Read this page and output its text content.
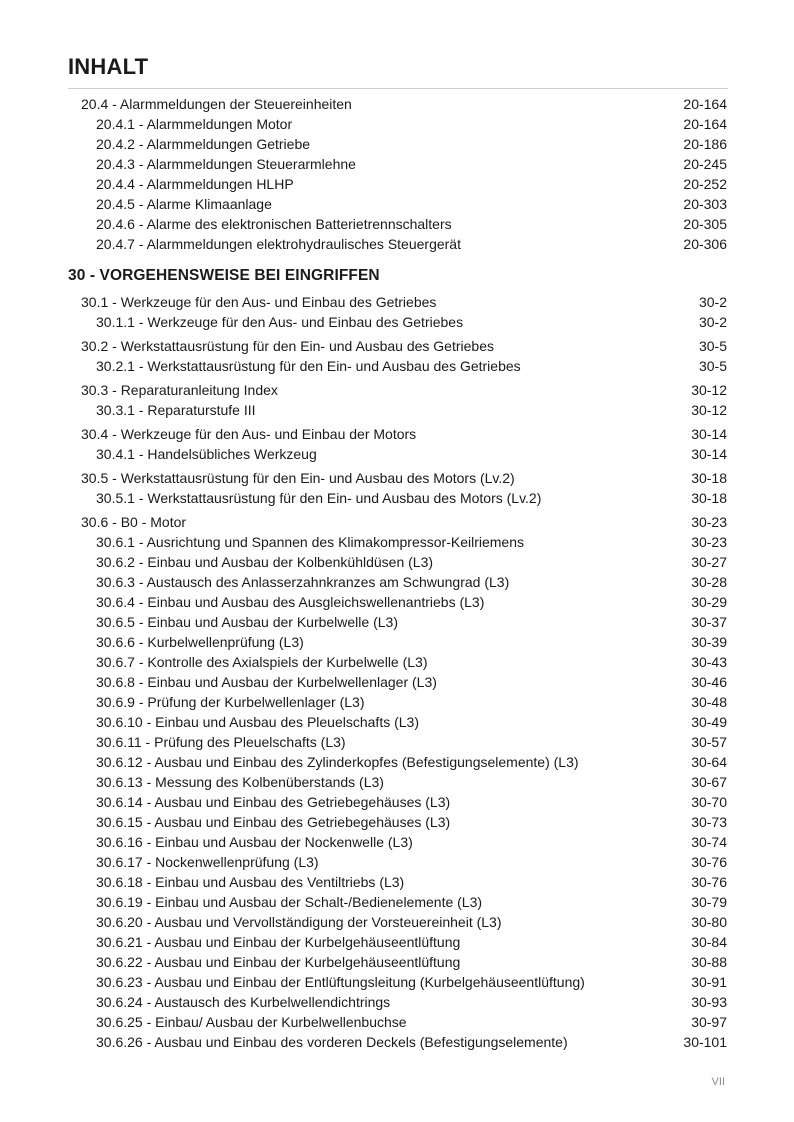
INHALT
20.4 - Alarmmeldungen der Steuereinheiten	20-164
20.4.1 - Alarmmeldungen Motor	20-164
20.4.2 - Alarmmeldungen Getriebe	20-186
20.4.3 - Alarmmeldungen Steuerarmlehne	20-245
20.4.4 - Alarmmeldungen HLHP	20-252
20.4.5 - Alarme Klimaanlage	20-303
20.4.6 - Alarme des elektronischen Batterietrennschalters	20-305
20.4.7 - Alarmmeldungen elektrohydraulisches Steuergerät	20-306
30.1 - Werkzeuge für den Aus- und Einbau des Getriebes	30-2
30.1.1 - Werkzeuge für den Aus- und Einbau des Getriebes	30-2
30.2 - Werkstattausrüstung für den Ein- und Ausbau des Getriebes	30-5
30.2.1 - Werkstattausrüstung für den Ein- und Ausbau des Getriebes	30-5
30.3 - Reparaturanleitung Index	30-12
30.3.1 - Reparaturstufe III	30-12
30.4 - Werkzeuge für den Aus- und Einbau der Motors	30-14
30.4.1 - Handelsübliches Werkzeug	30-14
30.5 - Werkstattausrüstung für den Ein- und Ausbau des Motors (Lv.2)	30-18
30.5.1 - Werkstattausrüstung für den Ein- und Ausbau des Motors (Lv.2)	30-18
30.6 - B0 - Motor	30-23
30.6.1 - Ausrichtung und Spannen des Klimakompressor-Keilriemens	30-23
30.6.2 - Einbau und Ausbau der Kolbenkühldüsen (L3)	30-27
30.6.3 - Austausch des Anlasserzahnkranzes am Schwungrad (L3)	30-28
30.6.4 - Einbau und Ausbau des Ausgleichswellenantriebs (L3)	30-29
30.6.5 - Einbau und Ausbau der Kurbelwelle (L3)	30-37
30.6.6 - Kurbelwellenprüfung (L3)	30-39
30.6.7 - Kontrolle des Axialspiels der Kurbelwelle (L3)	30-43
30.6.8 - Einbau und Ausbau der Kurbelwellenlager (L3)	30-46
30.6.9 - Prüfung der Kurbelwellenlager (L3)	30-48
30.6.10 - Einbau und Ausbau des Pleuelschafts (L3)	30-49
30.6.11 - Prüfung des Pleuelschafts (L3)	30-57
30.6.12 - Ausbau und Einbau des Zylinderkopfes (Befestigungselemente) (L3)	30-64
30.6.13 - Messung des Kolbenüberstands (L3)	30-67
30.6.14 - Ausbau und Einbau des Getriebegehäuses (L3)	30-70
30.6.15 - Ausbau und Einbau des Getriebegehäuses (L3)	30-73
30.6.16 - Einbau und Ausbau der Nockenwelle (L3)	30-74
30.6.17 - Nockenwellenprüfung (L3)	30-76
30.6.18 - Einbau und Ausbau des Ventiltriebs (L3)	30-76
30.6.19 - Einbau und Ausbau der Schalt-/Bedienelemente (L3)	30-79
30.6.20 - Ausbau und Vervollständigung der Vorsteuereinheit (L3)	30-80
30.6.21 - Ausbau und Einbau der Kurbelgehäuseentlüftung	30-84
30.6.22 - Ausbau und Einbau der Kurbelgehäuseentlüftung	30-88
30.6.23 - Ausbau und Einbau der Entlüftungsleitung (Kurbelgehäuseentlüftung)	30-91
30.6.24 - Austausch des Kurbelwellendichtrings	30-93
30.6.25 - Einbau/ Ausbau der Kurbelwellenbuchse	30-97
30.6.26 - Ausbau und Einbau des vorderen Deckels (Befestigungselemente)	30-101
30 - VORGEHENSWEISE BEI EINGRIFFEN
VII
